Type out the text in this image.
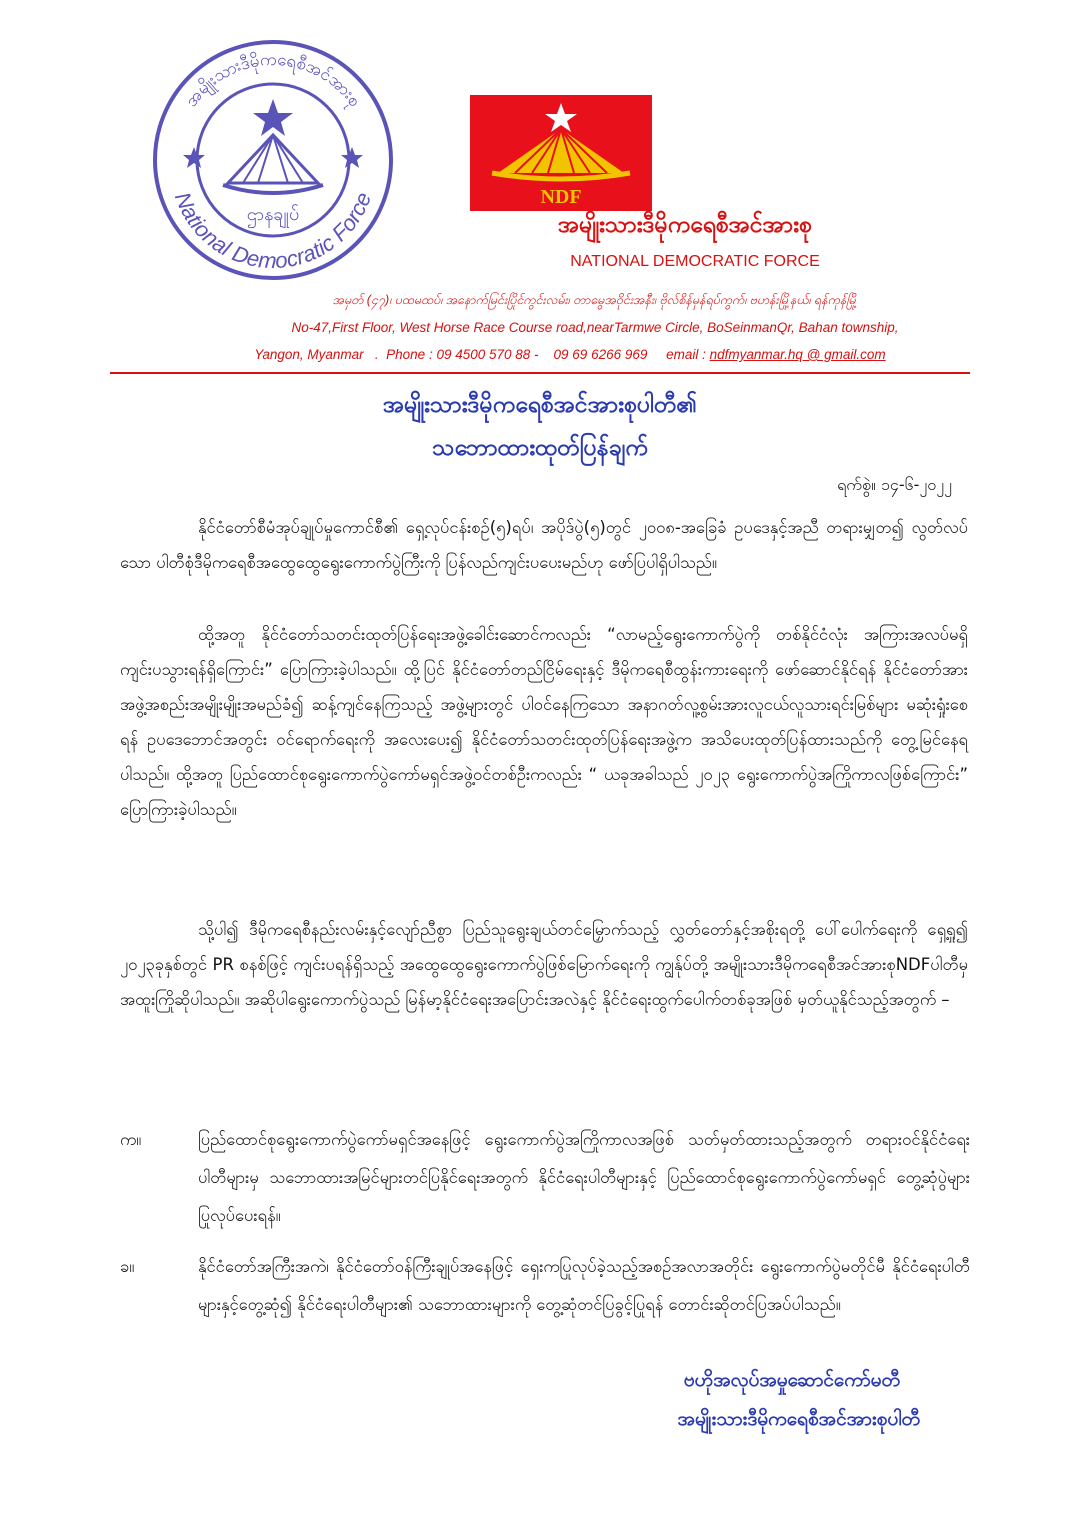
အမျိုးသားဒီမိုကရေစီအင်အားစု
National Democratic Force
ဌာနချုပ်
NDF
အမျိုးသားဒီမိုကရေစီအင်အားစု
NATIONAL DEMOCRATIC FORCE
အမှတ် (၄၇)၊ ပထမထပ်၊ အနောက်မြင်းပြိုင်ကွင်းလမ်း၊ တာမွေအဝိုင်းအနီး၊ ဗိုလ်စိန်မှန်ရပ်ကွက်၊ ဗဟန်းမြို့နယ်၊ ရန်ကုန်မြို့
No-47,First Floor, West Horse Race Course road,nearTarmwe Circle, BoSeinmanQr, Bahan township,
Yangon, Myanmar   .  Phone : 09 4500 570 88 -    09 69 6266 969     email : ndfmyanmar.hq @ gmail.com
အမျိုးသားဒီမိုကရေစီအင်အားစုပါတီ၏
သဘောထားထုတ်ပြန်ချက်
ရက်စွဲ။ ၁၄-၆-၂၀၂၂
နိုင်ငံတော်စီမံအုပ်ချုပ်မှုကောင်စီ၏ ရှေ့လုပ်ငန်းစဉ်(၅)ရပ်၊ အပိုဒ်ပွဲ(၅)တွင် ၂၀၀၈-အခြေခံ ဥပဒေနှင့်အညီ တရားမျှတ၍ လွတ်လပ်သော ပါတီစုံဒီမိုကရေစီအထွေထွေရွေးကောက်ပွဲကြီးကို ပြန်လည်ကျင်းပပေးမည်ဟု ဖော်ပြပါရှိပါသည်။
ထို့အတူ နိုင်ငံတော်သတင်းထုတ်ပြန်ရေးအဖွဲ့ခေါင်းဆောင်ကလည်း “လာမည့်ရွေးကောက်ပွဲကို တစ်နိုင်ငံလုံး အကြားအလပ်မရှိ ကျင်းပသွားရန်ရှိကြောင်း” ပြောကြားခဲ့ပါသည်။ ထို့ပြင် နိုင်ငံတော်တည်ငြိမ်ရေးနှင့် ဒီမိုကရေစီထွန်းကားရေးကို ဖော်ဆောင်နိုင်ရန် နိုင်ငံတော်အား အဖွဲ့အစည်းအမျိုးမျိုးအမည်ခံ၍ ဆန့်ကျင်နေကြသည့် အဖွဲ့များတွင် ပါဝင်နေကြသော အနာဂတ်လူ့စွမ်းအားလူငယ်လူသားရင်းမြစ်များ မဆုံးရှုံးစေရန် ဥပဒေဘောင်အတွင်း ဝင်ရောက်ရေးကို အလေးပေး၍ နိုင်ငံတော်သတင်းထုတ်ပြန်ရေးအဖွဲ့က အသိပေးထုတ်ပြန်ထားသည်ကို တွေ့မြင်နေရပါသည်။ ထို့အတူ ပြည်ထောင်စုရွေးကောက်ပွဲကော်မရှင်အဖွဲ့ဝင်တစ်ဦးကလည်း “ ယခုအခါသည် ၂၀၂၃ ရွေးကောက်ပွဲအကြိုကာလဖြစ်ကြောင်း” ပြောကြားခဲ့ပါသည်။
သို့ပါ၍ ဒီမိုကရေစီနည်းလမ်းနှင့်လျော်ညီစွာ ပြည်သူရွေးချယ်တင်မြှောက်သည့် လွှတ်တော်နှင့်အစိုးရတို့ ပေါ်ပေါက်ရေးကို ရှေ့ရှု၍ ၂၀၂၃ခုနှစ်တွင် PR စနစ်ဖြင့် ကျင်းပရန်ရှိသည့် အထွေထွေရွေးကောက်ပွဲဖြစ်မြောက်ရေးကို ကျွန်ုပ်တို့ အမျိုးသားဒီမိုကရေစီအင်အားစုNDFပါတီမှ အထူးကြိုဆိုပါသည်။ အဆိုပါရွေးကောက်ပွဲသည် မြန်မာ့နိုင်ငံရေးအပြောင်းအလဲနှင့် နိုင်ငံရေးထွက်ပေါက်တစ်ခုအဖြစ် မှတ်ယူနိုင်သည့်အတွက် –
က။	ပြည်ထောင်စုရွေးကောက်ပွဲကော်မရှင်အနေဖြင့် ရွေးကောက်ပွဲအကြိုကာလအဖြစ် သတ်မှတ်ထားသည့်အတွက် တရားဝင်နိုင်ငံရေးပါတီများမှ သဘောထားအမြင်များတင်ပြနိုင်ရေးအတွက် နိုင်ငံရေးပါတီများနှင့် ပြည်ထောင်စုရွေးကောက်ပွဲကော်မရှင် တွေ့ဆုံပွဲများ ပြုလုပ်ပေးရန်။
ခ။	နိုင်ငံတော်အကြီးအကဲ၊ နိုင်ငံတော်ဝန်ကြီးချုပ်အနေဖြင့် ရှေးကပြုလုပ်ခဲ့သည့်အစဉ်အလာအတိုင်း ရွေးကောက်ပွဲမတိုင်မီ နိုင်ငံရေးပါတီများနှင့်တွေ့ဆုံ၍ နိုင်ငံရေးပါတီများ၏ သဘောထားများကို တွေ့ဆုံတင်ပြခွင့်ပြုရန် တောင်းဆိုတင်ပြအပ်ပါသည်။
ဗဟိုအလုပ်အမှုဆောင်ကော်မတီ
အမျိုးသားဒီမိုကရေစီအင်အားစုပါတီ
